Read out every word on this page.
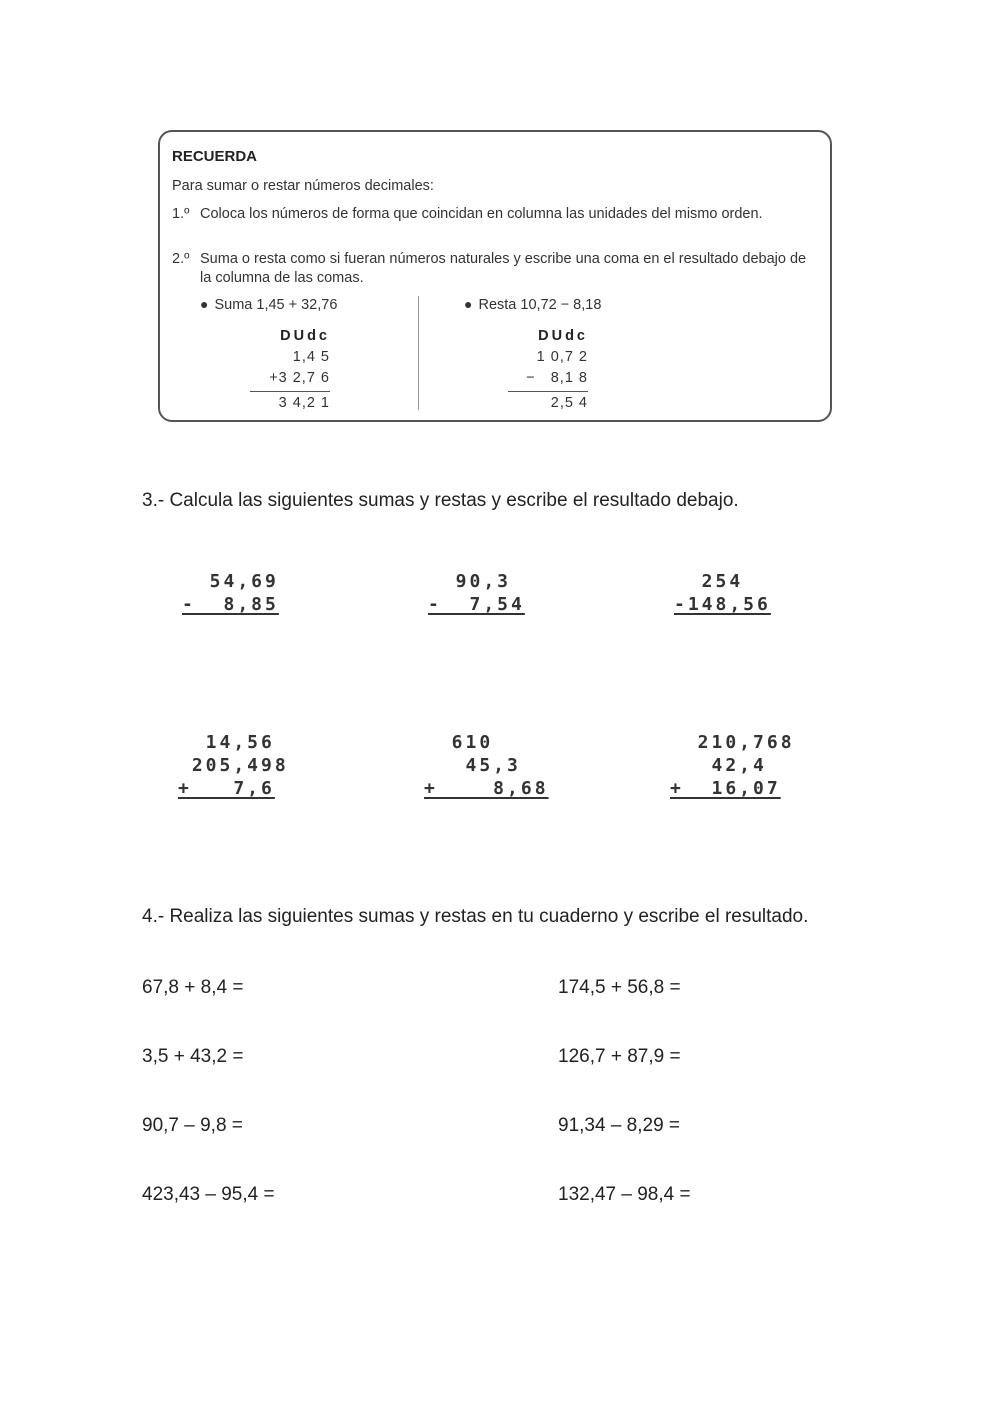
RECUERDA
Para sumar o restar números decimales:
1.º Coloca los números de forma que coincidan en columna las unidades del mismo orden.
2.º Suma o resta como si fueran números naturales y escribe una coma en el resultado debajo de la columna de las comas.
● Suma 1,45 + 32,76	● Resta 10,72 − 8,18
DUdc
1,4 5
+3 2,7 6
3 4,2 1
DUdc
1 0,7 2
−   8,1 8
2,5 4
3.- Calcula las siguientes sumas y restas y escribe el resultado debajo.
54,69
-  8,85
90,3
-  7,54
254
-148,56
14,56
205,498
+   7,6
610
45,3
+    8,68
210,768
42,4
+  16,07
4.- Realiza las siguientes sumas y restas en tu cuaderno y escribe el resultado.
67,8 + 8,4 =
3,5 + 43,2 =
90,7 – 9,8 =
423,43 – 95,4 =
174,5 + 56,8 =
126,7 + 87,9 =
91,34 – 8,29 =
132,47 – 98,4 =
